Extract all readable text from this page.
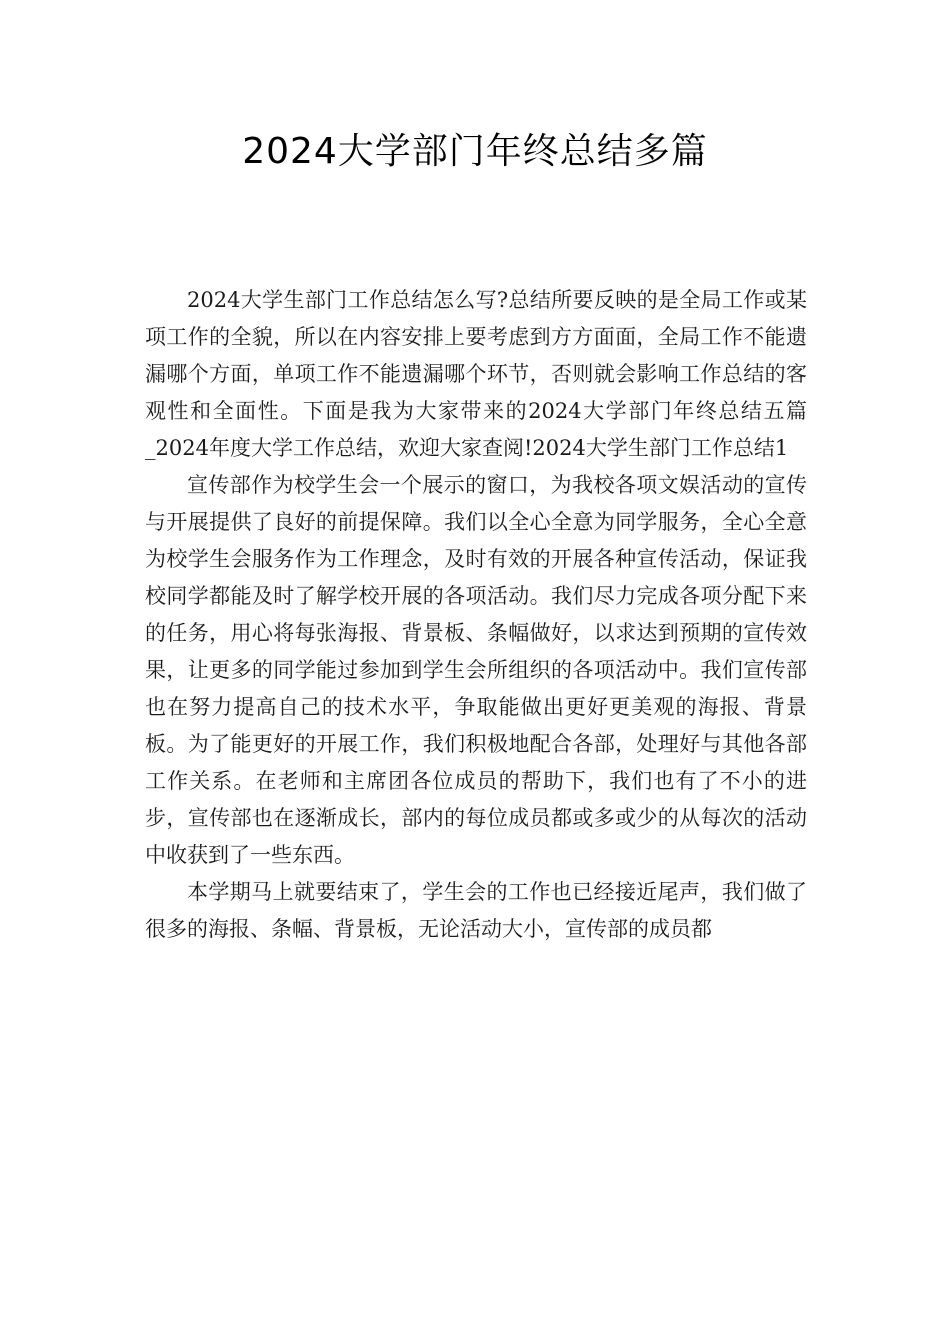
2024大学部门年终总结多篇

2024大学生部门工作总结怎么写?总结所要反映的是全局工作或某项工作的全貌，所以在内容安排上要考虑到方方面面，全局工作不能遗漏哪个方面，单项工作不能遗漏哪个环节，否则就会影响工作总结的客观性和全面性。下面是我为大家带来的2024大学部门年终总结五篇_2024年度大学工作总结，欢迎大家查阅!2024大学生部门工作总结1

宣传部作为校学生会一个展示的窗口，为我校各项文娱活动的宣传与开展提供了良好的前提保障。我们以全心全意为同学服务，全心全意为校学生会服务作为工作理念，及时有效的开展各种宣传活动，保证我校同学都能及时了解学校开展的各项活动。我们尽力完成各项分配下来的任务，用心将每张海报、背景板、条幅做好，以求达到预期的宣传效果，让更多的同学能过参加到学生会所组织的各项活动中。我们宣传部也在努力提高自己的技术水平，争取能做出更好更美观的海报、背景板。为了能更好的开展工作，我们积极地配合各部，处理好与其他各部工作关系。在老师和主席团各位成员的帮助下，我们也有了不小的进步，宣传部也在逐渐成长，部内的每位成员都或多或少的从每次的活动中收获到了一些东西。

本学期马上就要结束了，学生会的工作也已经接近尾声，我们做了很多的海报、条幅、背景板，无论活动大小，宣传部的成员都
